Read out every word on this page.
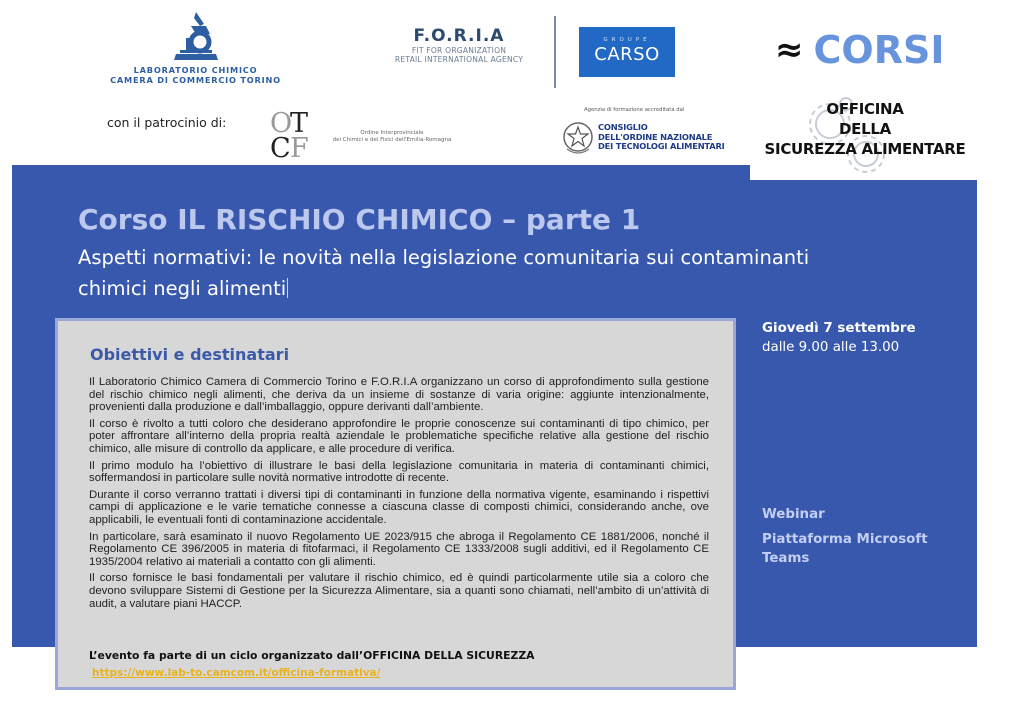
LABORATORIO CHIMICO
CAMERA DI COMMERCIO TORINO
F.O.R.I.A
FIT FOR ORGANIZATION
RETAIL INTERNATIONAL AGENCY
GROUPE
CARSO	≈ CORSI
con il patrocinio di: O
T
C F	Ordine Interprovinciale
dei Chimici e dei Fisici dell'Emilia-Romagna
Agenzia di formazione accreditata dal
CONSIGLIO
DELL'ORDINE NAZIONALE
DEI TECNOLOGI ALIMENTARI
OFFICINA
DELLA
SICUREZZA ALIMENTARE
Corso IL RISCHIO CHIMICO – parte 1
Aspetti normativi: le novità nella legislazione comunitaria sui contaminanti
chimici negli alimenti
Giovedì 7 settembre
dalle 9.00 alle 13.00
Webinar
Piattaforma Microsoft
Teams
Obiettivi e destinatari

Il Laboratorio Chimico Camera di Commercio Torino e F.O.R.I.A organizzano un corso di approfondimento sulla gestione del rischio chimico negli alimenti, che deriva da un insieme di sostanze di varia origine: aggiunte intenzionalmente, provenienti dalla produzione e dall’imballaggio, oppure derivanti dall’ambiente.

Il corso è rivolto a tutti coloro che desiderano approfondire le proprie conoscenze sui contaminanti di tipo chimico, per poter affrontare all’interno della propria realtà aziendale le problematiche specifiche relative alla gestione del rischio chimico, alle misure di controllo da applicare, e alle procedure di verifica.

Il primo modulo ha l’obiettivo di illustrare le basi della legislazione comunitaria in materia di contaminanti chimici, soffermandosi in particolare sulle novità normative introdotte di recente.

Durante il corso verranno trattati i diversi tipi di contaminanti in funzione della normativa vigente, esaminando i rispettivi campi di applicazione e le varie tematiche connesse a ciascuna classe di composti chimici, considerando anche, ove applicabili, le eventuali fonti di contaminazione accidentale.

In particolare, sarà esaminato il nuovo Regolamento UE 2023/915 che abroga il Regolamento CE 1881/2006, nonché il Regolamento CE 396/2005 in materia di fitofarmaci, il Regolamento CE 1333/2008 sugli additivi, ed il Regolamento CE 1935/2004 relativo ai materiali a contatto con gli alimenti.

Il corso fornisce le basi fondamentali per valutare il rischio chimico, ed è quindi particolarmente utile sia a coloro che devono sviluppare Sistemi di Gestione per la Sicurezza Alimentare, sia a quanti sono chiamati, nell’ambito di un’attività di audit, a valutare piani HACCP.

L’evento fa parte di un ciclo organizzato dall’OFFICINA DELLA SICUREZZA
https://www.lab-to.camcom.it/officina-formativa/
